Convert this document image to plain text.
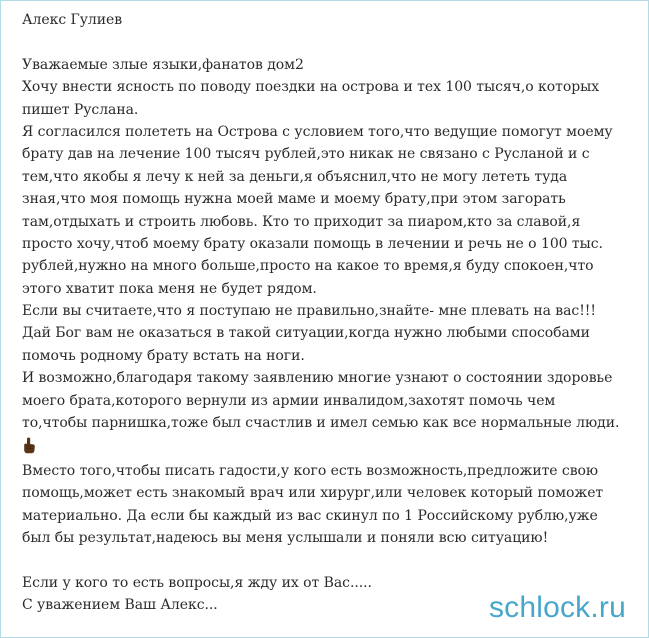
Алекс Гулиев
Уважаемые злые языки,фанатов дом2
Хочу внести ясность по поводу поездки на острова и тех 100 тысяч,о которых
пишет Руслана.
Я согласился полететь на Острова с условием того,что ведущие помогут моему
брату дав на лечение 100 тысяч рублей,это никак не связано с Русланой и с
тем,что якобы я лечу к ней за деньги,я объяснил,что не могу лететь туда
зная,что моя помощь нужна моей маме и моему брату,при этом загорать
там,отдыхать и строить любовь. Кто то приходит за пиаром,кто за славой,я
просто хочу,чтоб моему брату оказали помощь в лечении и речь не о 100 тыс.
рублей,нужно на много больше,просто на какое то время,я буду спокоен,что
этого хватит пока меня не будет рядом.
Если вы считаете,что я поступаю не правильно,знайте- мне плевать на вас!!!
Дай Бог вам не оказаться в такой ситуации,когда нужно любыми способами
помочь родному брату встать на ноги.
И возможно,благодаря такому заявлению многие узнают о состоянии здоровье
моего брата,которого вернули из армии инвалидом,захотят помочь чем
то,чтобы парнишка,тоже был счастлив и имел семью как все нормальные люди.
Вместо того,чтобы писать гадости,у кого есть возможность,предложите свою
помощь,может есть знакомый врач или хирург,или человек который поможет
материально. Да если бы каждый из вас скинул по 1 Российскому рублю,уже
был бы результат,надеюсь вы меня услышали и поняли всю ситуацию!
Если у кого то есть вопросы,я жду их от Вас.....
С уважением Ваш Алекс...	schlock.ru
